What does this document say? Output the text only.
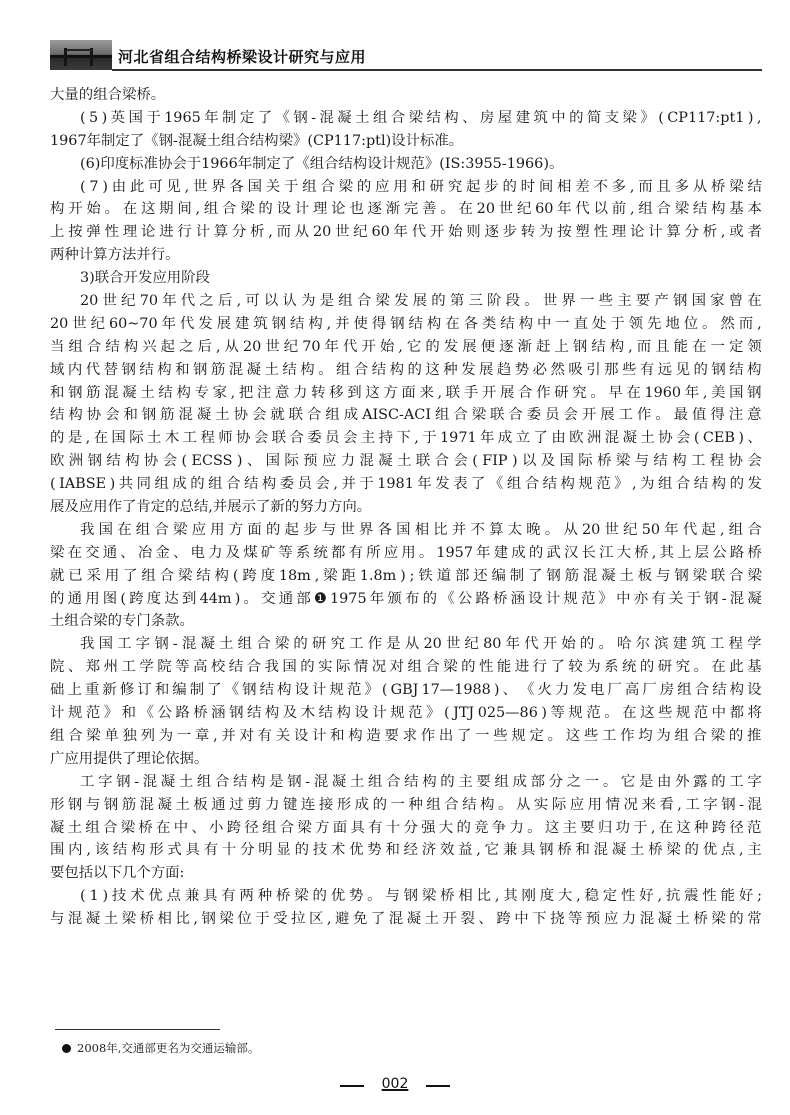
河北省组合结构桥梁设计研究与应用
大量的组合梁桥。
( 5 ) 英 国 于 1965 年 制 定 了 《 钢 - 混 凝 土 组 合 梁 结 构 、 房 屋 建 筑 中 的 简 支 梁 》 ( CP117:pt1 ) ,
1967年制定了《钢-混凝土组合结构梁》(CP117:ptl)设计标准。
(6)印度标准协会于1966年制定了《组合结构设计规范》(IS:3955-1966)。
( 7 ) 由 此 可 见 , 世 界 各 国 关 于 组 合 梁 的 应 用 和 研 究 起 步 的 时 间 相 差 不 多 , 而 且 多 从 桥 梁 结
构 开 始 。 在 这 期 间 , 组 合 梁 的 设 计 理 论 也 逐 渐 完 善 。 在 20 世 纪 60 年 代 以 前 , 组 合 梁 结 构 基 本
上 按 弹 性 理 论 进 行 计 算 分 析 , 而 从 20 世 纪 60 年 代 开 始 则 逐 步 转 为 按 塑 性 理 论 计 算 分 析 , 或 者
两种计算方法并行。
3)联合开发应用阶段
20 世 纪 70 年 代 之 后 , 可 以 认 为 是 组 合 梁 发 展 的 第 三 阶 段 。 世 界 一 些 主 要 产 钢 国 家 曾 在
20 世 纪 60~70 年 代 发 展 建 筑 钢 结 构 , 并 使 得 钢 结 构 在 各 类 结 构 中 一 直 处 于 领 先 地 位 。 然 而 ,
当 组 合 结 构 兴 起 之 后 , 从 20 世 纪 70 年 代 开 始 , 它 的 发 展 便 逐 渐 赶 上 钢 结 构 , 而 且 能 在 一 定 领
域 内 代 替 钢 结 构 和 钢 筋 混 凝 土 结 构 。 组 合 结 构 的 这 种 发 展 趋 势 必 然 吸 引 那 些 有 远 见 的 钢 结 构
和 钢 筋 混 凝 土 结 构 专 家 , 把 注 意 力 转 移 到 这 方 面 来 , 联 手 开 展 合 作 研 究 。 早 在 1960 年 , 美 国 钢
结 构 协 会 和 钢 筋 混 凝 土 协 会 就 联 合 组 成 AISC-ACI 组 合 梁 联 合 委 员 会 开 展 工 作 。 最 值 得 注 意
的 是 , 在 国 际 土 木 工 程 师 协 会 联 合 委 员 会 主 持 下 , 于 1971 年 成 立 了 由 欧 洲 混 凝 土 协 会 ( CEB ) 、
欧 洲 钢 结 构 协 会 ( ECSS ) 、 国 际 预 应 力 混 凝 土 联 合 会 ( FIP ) 以 及 国 际 桥 梁 与 结 构 工 程 协 会
( IABSE ) 共 同 组 成 的 组 合 结 构 委 员 会 , 并 于 1981 年 发 表 了 《 组 合 结 构 规 范 》 , 为 组 合 结 构 的 发
展及应用作了肯定的总结,并展示了新的努力方向。
我 国 在 组 合 梁 应 用 方 面 的 起 步 与 世 界 各 国 相 比 并 不 算 太 晚 。 从 20 世 纪 50 年 代 起 , 组 合
梁 在 交 通 、 冶 金 、 电 力 及 煤 矿 等 系 统 都 有 所 应 用 。 1957 年 建 成 的 武 汉 长 江 大 桥 , 其 上 层 公 路 桥
就 已 采 用 了 组 合 梁 结 构 ( 跨 度 18m , 梁 距 1.8m ) ; 铁 道 部 还 编 制 了 钢 筋 混 凝 土 板 与 钢 梁 联 合 梁
的 通 用 图 ( 跨 度 达 到 44m ) 。 交 通 部 ❶ 1975 年 颁 布 的 《 公 路 桥 涵 设 计 规 范 》 中 亦 有 关 于 钢 - 混 凝
土组合梁的专门条款。
我 国 工 字 钢 - 混 凝 土 组 合 梁 的 研 究 工 作 是 从 20 世 纪 80 年 代 开 始 的 。 哈 尔 滨 建 筑 工 程 学
院 、 郑 州 工 学 院 等 高 校 结 合 我 国 的 实 际 情 况 对 组 合 梁 的 性 能 进 行 了 较 为 系 统 的 研 究 。 在 此 基
础 上 重 新 修 订 和 编 制 了 《 钢 结 构 设 计 规 范 》 ( GBJ 17—1988 ) 、 《 火 力 发 电 厂 高 厂 房 组 合 结 构 设
计 规 范 》 和 《 公 路 桥 涵 钢 结 构 及 木 结 构 设 计 规 范 》 ( JTJ 025—86 ) 等 规 范 。 在 这 些 规 范 中 都 将
组 合 梁 单 独 列 为 一 章 , 并 对 有 关 设 计 和 构 造 要 求 作 出 了 一 些 规 定 。 这 些 工 作 均 为 组 合 梁 的 推
广应用提供了理论依据。
工 字 钢 - 混 凝 土 组 合 结 构 是 钢 - 混 凝 土 组 合 结 构 的 主 要 组 成 部 分 之 一 。 它 是 由 外 露 的 工 字
形 钢 与 钢 筋 混 凝 土 板 通 过 剪 力 键 连 接 形 成 的 一 种 组 合 结 构 。 从 实 际 应 用 情 况 来 看 , 工 字 钢 - 混
凝 土 组 合 梁 桥 在 中 、 小 跨 径 组 合 梁 方 面 具 有 十 分 强 大 的 竞 争 力 。 这 主 要 归 功 于 , 在 这 种 跨 径 范
围 内 , 该 结 构 形 式 具 有 十 分 明 显 的 技 术 优 势 和 经 济 效 益 , 它 兼 具 钢 桥 和 混 凝 土 桥 梁 的 优 点 , 主
要包括以下几个方面:
( 1 ) 技 术 优 点 兼 具 有 两 种 桥 梁 的 优 势 。 与 钢 梁 桥 相 比 , 其 刚 度 大 , 稳 定 性 好 , 抗 震 性 能 好 ;
与 混 凝 土 梁 桥 相 比 , 钢 梁 位 于 受 拉 区 , 避 免 了 混 凝 土 开 裂 、 跨 中 下 挠 等 预 应 力 混 凝 土 桥 梁 的 常
2008年,交通部更名为交通运输部。
002
